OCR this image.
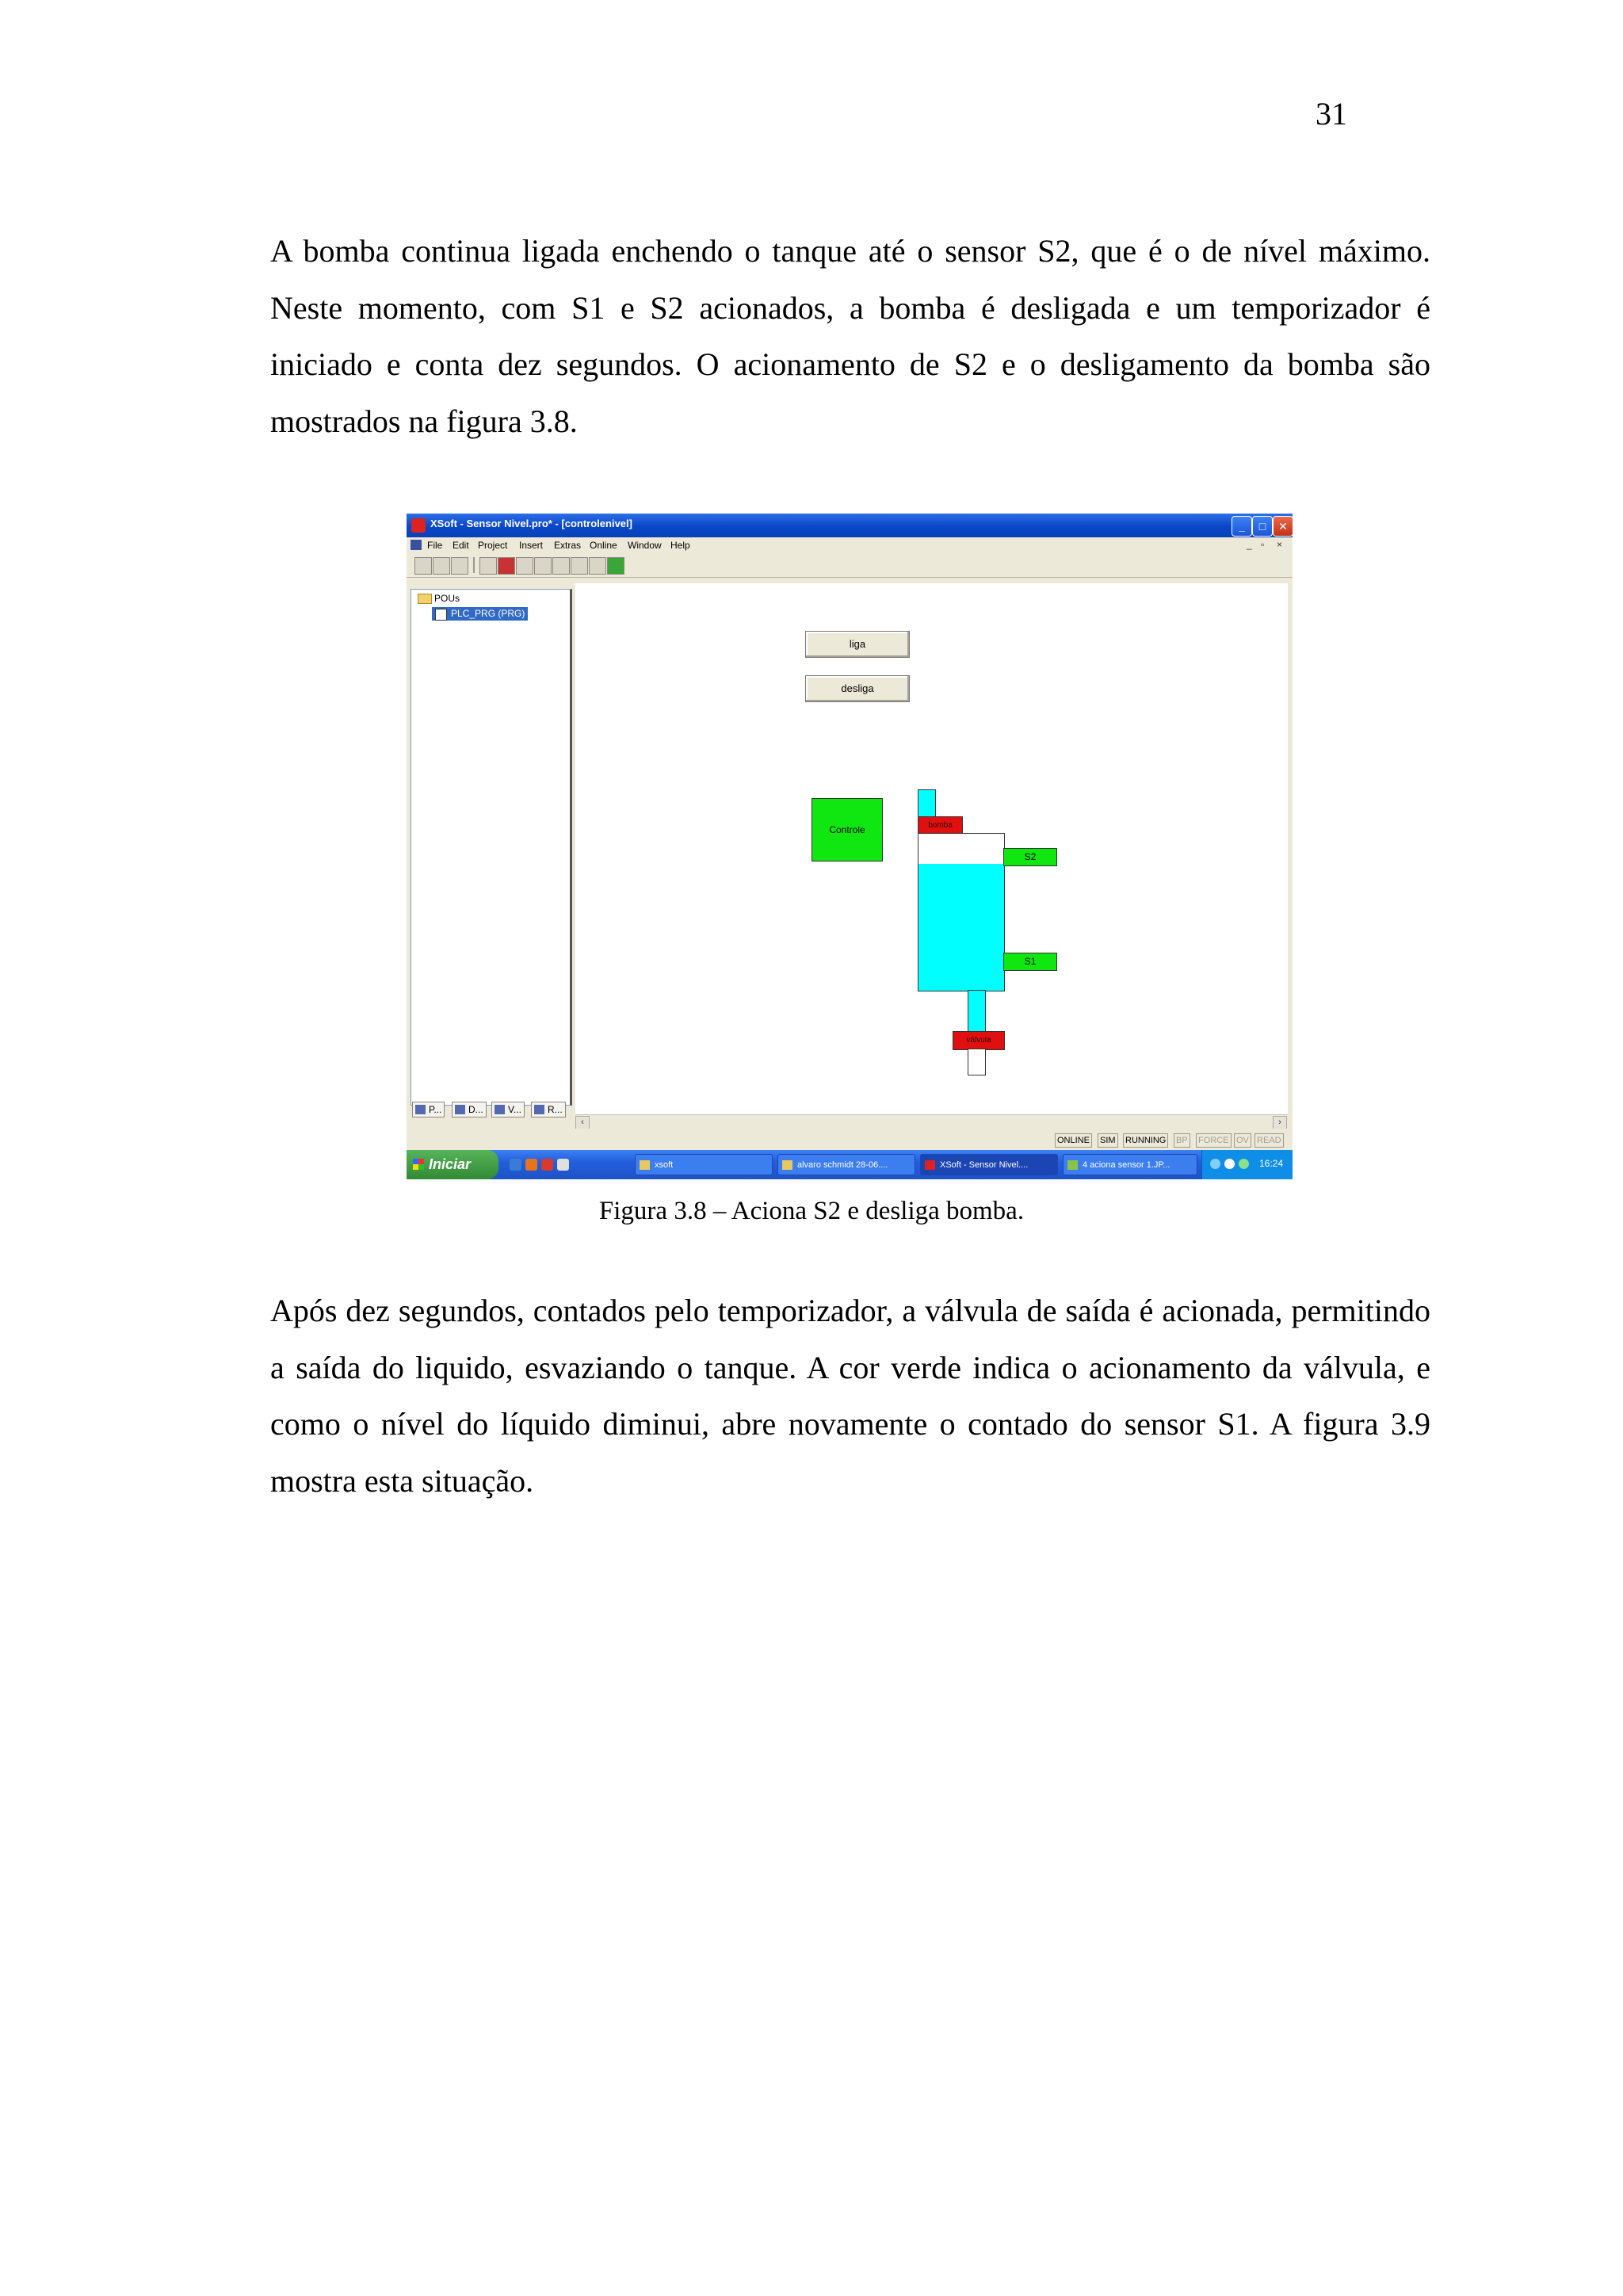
31

A bomba continua ligada enchendo o tanque até o sensor S2, que é o de nível máximo. Neste momento, com S1 e S2 acionados, a bomba é desligada e um temporizador é iniciado e conta dez segundos. O acionamento de S2 e o desligamento da bomba são mostrados na figura 3.8.

XSoft - Sensor Nivel.pro* - [controlenivel]	_	□	✕
File Edit Project Insert Extras Online Window Help	_ ▫ ×
POUs
PLC_PRG (PRG)
P...	D...	V...	R...
liga
desliga
Controle	bomba
S2
S1
válvula
‹	›
ONLINE SIM RUNNING BP FORCE OV READ
Iniciar	xsoft	alvaro schmidt 28-06....	XSoft - Sensor Nivel....	4 aciona sensor 1.JP...	16:24
Figura 3.8 – Aciona S2 e desliga bomba.

Após dez segundos, contados pelo temporizador, a válvula de saída é acionada, permitindo a saída do liquido, esvaziando o tanque. A cor verde indica o acionamento da válvula, e como o nível do líquido diminui, abre novamente o contado do sensor S1. A figura 3.9 mostra esta situação.
